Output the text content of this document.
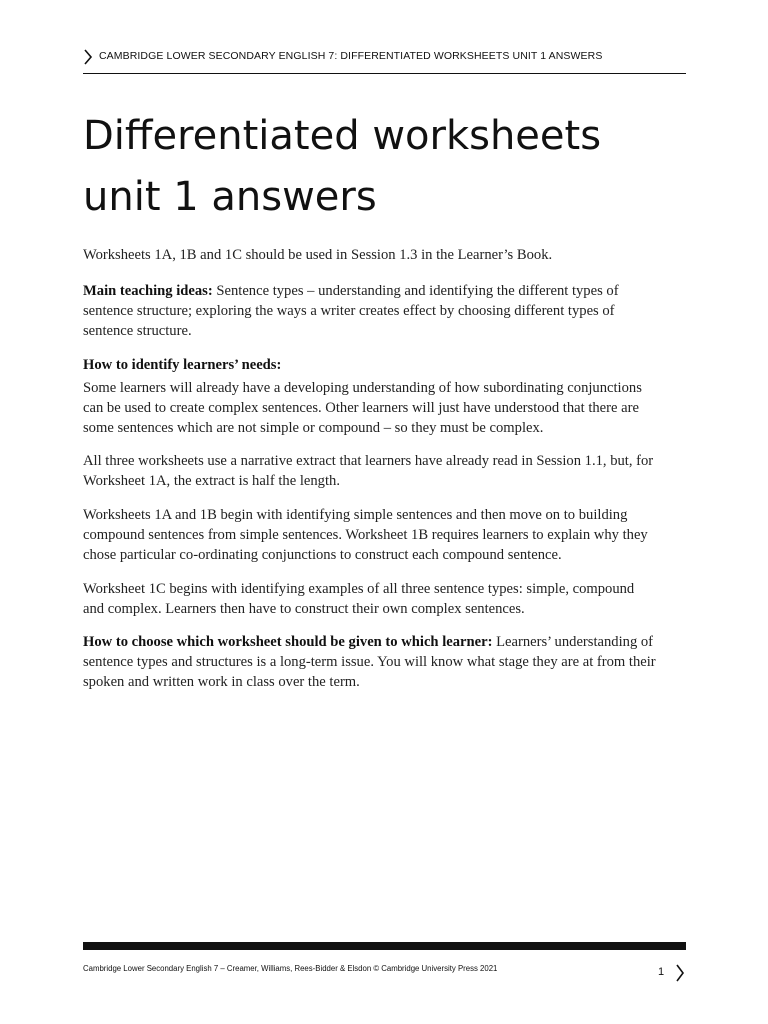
CAMBRIDGE LOWER SECONDARY ENGLISH 7: DIFFERENTIATED WORKSHEETS UNIT 1 ANSWERS
Differentiated worksheets
unit 1 answers

Worksheets 1A, 1B and 1C should be used in Session 1.3 in the Learner’s Book.

Main teaching ideas: Sentence types – understanding and identifying the different types of sentence structure; exploring the ways a writer creates effect by choosing different types of sentence structure.

How to identify learners’ needs:

Some learners will already have a developing understanding of how subordinating conjunctions can be used to create complex sentences. Other learners will just have understood that there are some sentences which are not simple or compound – so they must be complex.

All three worksheets use a narrative extract that learners have already read in Session 1.1, but, for Worksheet 1A, the extract is half the length.

Worksheets 1A and 1B begin with identifying simple sentences and then move on to building compound sentences from simple sentences. Worksheet 1B requires learners to explain why they chose particular co-ordinating conjunctions to construct each compound sentence.

Worksheet 1C begins with identifying examples of all three sentence types: simple, compound and complex. Learners then have to construct their own complex sentences.

How to choose which worksheet should be given to which learner: Learners’ understanding of sentence types and structures is a long-term issue. You will know what stage they are at from their spoken and written work in class over the term.

Cambridge Lower Secondary English 7 – Creamer, Williams, Rees-Bidder & Elsdon © Cambridge University Press 2021	1
